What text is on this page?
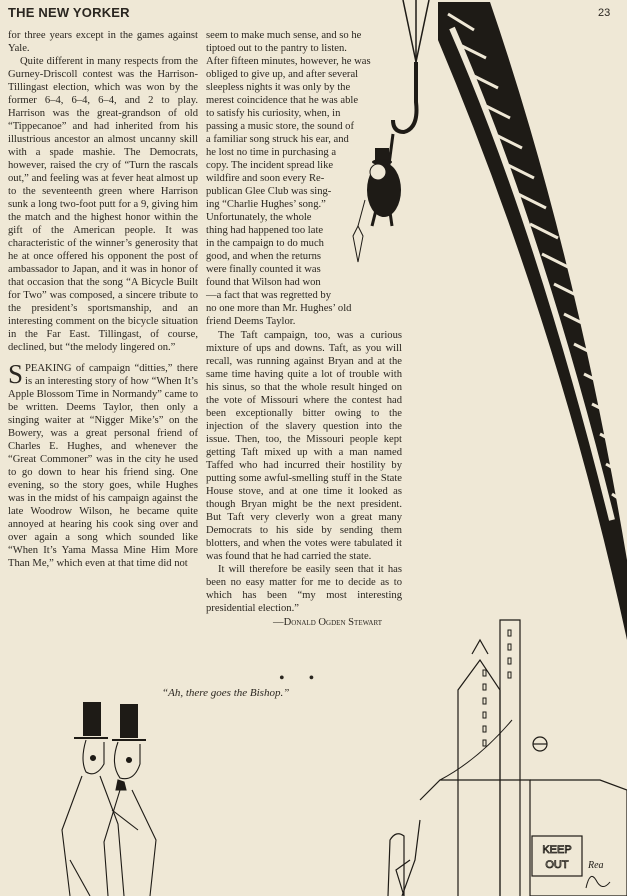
KEEP
OUT Rea
THE NEW YORKER	23

for three years except in the games against Yale.

Quite different in many respects from the Gurney-Driscoll contest was the Harrison-Tillingast election, which was won by the former 6–4, 6–4, 6–4, and 2 to play. Harrison was the great-grandson of old “Tippecanoe” and had inherited from his illustrious ancestor an almost uncanny skill with a spade mashie. The Democrats, however, raised the cry of “Turn the rascals out,” and feeling was at fever heat almost up to the seventeenth green where Harrison sunk a long two-foot putt for a 9, giving him the match and the highest honor within the gift of the American people. It was characteristic of the winner’s generosity that he at once offered his opponent the post of ambassador to Japan, and it was in honor of that occasion that the song “A Bicycle Built for Two” was composed, a sincere tribute to the president’s sportsmanship, and an interesting comment on the bicycle situation in the Far East. Tillingast, of course, declined, but “the melody lingered on.”

SPEAKING of campaign “ditties,” there is an interesting story of how “When It’s Apple Blossom Time in Normandy” came to be written. Deems Taylor, then only a singing waiter at “Nigger Mike’s” on the Bowery, was a great personal friend of Charles E. Hughes, and whenever the “Great Commoner” was in the city he used to go down to hear his friend sing. One evening, so the story goes, while Hughes was in the midst of his campaign against the late Woodrow Wilson, he became quite annoyed at hearing his cook sing over and over again a song which sounded like “When It’s Yama Massa Mine Him More Than Me,” which even at that time did not

seem to make much sense, and so he
tiptoed out to the pantry to listen.
After fifteen minutes, however, he was
obliged to give up, and after several
sleepless nights it was only by the
merest coincidence that he was able
to satisfy his curiosity, when, in
passing a music store, the sound of
a familiar song struck his ear, and
he lost no time in purchasing a
copy. The incident spread like
wildfire and soon every Re-
publican Glee Club was sing-
ing “Charlie Hughes’ song.”
Unfortunately, the whole
thing had happened too late
in the campaign to do much
good, and when the returns
were finally counted it was
found that Wilson had won
—a fact that was regretted by
no one more than Mr. Hughes’ old
friend Deems Taylor.

The Taft campaign, too, was a curious mixture of ups and downs. Taft, as you will recall, was running against Bryan and at the same time having quite a lot of trouble with his sinus, so that the whole result hinged on the vote of Missouri where the contest had been exceptionally bitter owing to the injection of the slavery question into the issue. Then, too, the Missouri people kept getting Taft mixed up with a man named Taffed who had incurred their hostility by putting some awful-smelling stuff in the State House stove, and at one time it looked as though Bryan might be the next president. But Taft very cleverly won a great many Democrats to his side by sending them blotters, and when the votes were tabulated it was found that he had carried the state.

It will therefore be easily seen that it has been no easy matter for me to decide as to which has been “my most interesting presidential election.”

—Donald Ogden Stewart

• •
“Ah, there goes the Bishop.”
